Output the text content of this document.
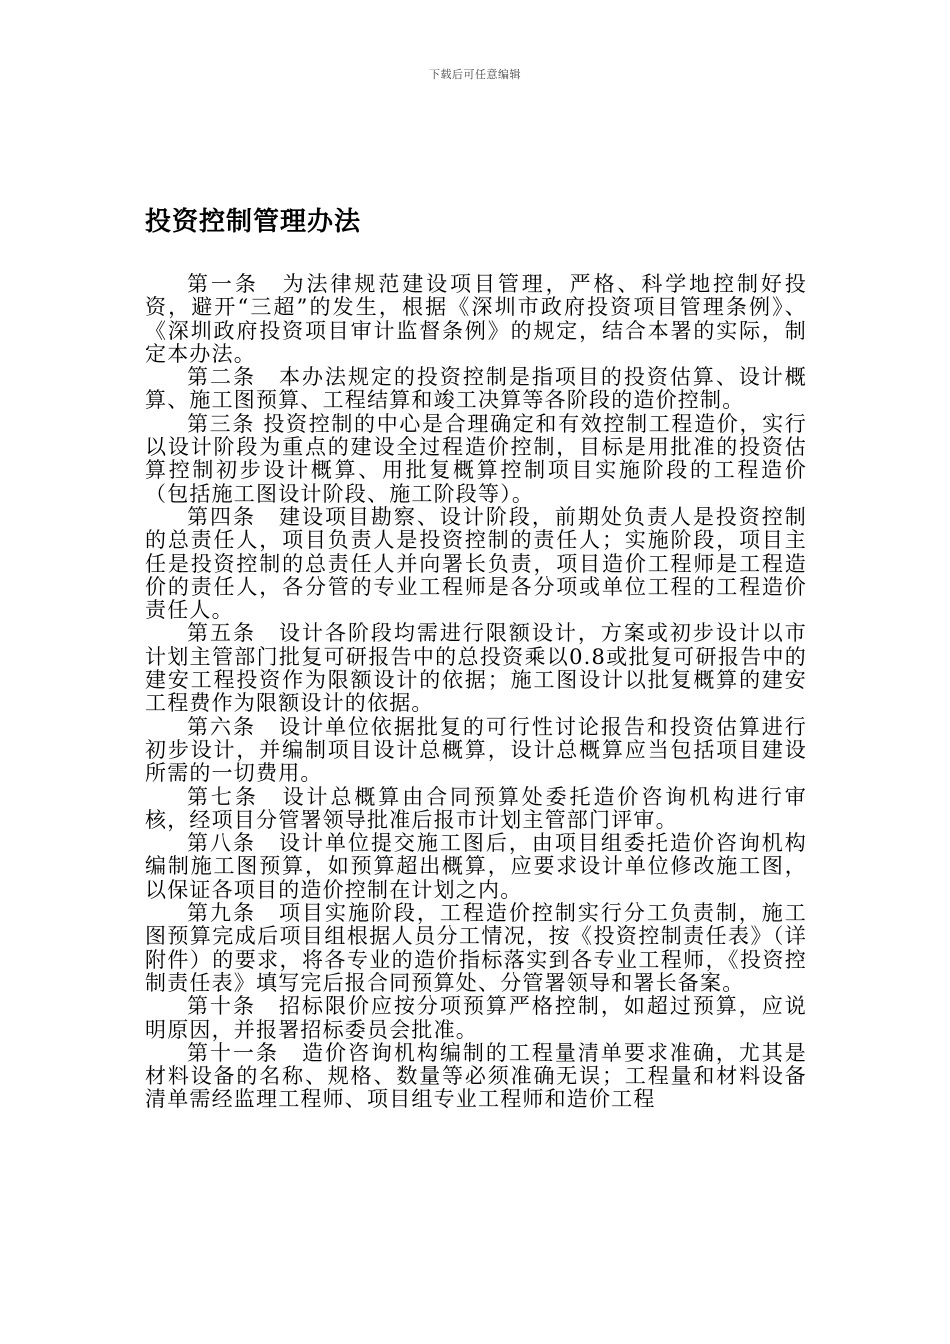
下载后可任意编辑
投资控制管理办法

第一条　为法律规范建设项目管理，严格、科学地控制好投资，避开“三超”的发生，根据《深圳市政府投资项目管理条例》、《深圳政府投资项目审计监督条例》的规定，结合本署的实际，制定本办法。

第二条　本办法规定的投资控制是指项目的投资估算、设计概算、施工图预算、工程结算和竣工决算等各阶段的造价控制。

第三条 投资控制的中心是合理确定和有效控制工程造价，实行以设计阶段为重点的建设全过程造价控制，目标是用批准的投资估算控制初步设计概算、用批复概算控制项目实施阶段的工程造价（包括施工图设计阶段、施工阶段等）。

第四条　建设项目勘察、设计阶段，前期处负责人是投资控制的总责任人，项目负责人是投资控制的责任人；实施阶段，项目主任是投资控制的总责任人并向署长负责，项目造价工程师是工程造价的责任人，各分管的专业工程师是各分项或单位工程的工程造价责任人。

第五条　设计各阶段均需进行限额设计，方案或初步设计以市计划主管部门批复可研报告中的总投资乘以0.8或批复可研报告中的建安工程投资作为限额设计的依据；施工图设计以批复概算的建安工程费作为限额设计的依据。

第六条　设计单位依据批复的可行性讨论报告和投资估算进行初步设计，并编制项目设计总概算，设计总概算应当包括项目建设所需的一切费用。

第七条　设计总概算由合同预算处委托造价咨询机构进行审核，经项目分管署领导批准后报市计划主管部门评审。

第八条　设计单位提交施工图后，由项目组委托造价咨询机构编制施工图预算，如预算超出概算，应要求设计单位修改施工图，以保证各项目的造价控制在计划之内。

第九条　项目实施阶段，工程造价控制实行分工负责制，施工图预算完成后项目组根据人员分工情况，按《投资控制责任表》（详附件）的要求，将各专业的造价指标落实到各专业工程师，《投资控制责任表》填写完后报合同预算处、分管署领导和署长备案。

第十条　招标限价应按分项预算严格控制，如超过预算，应说明原因，并报署招标委员会批准。

第十一条　造价咨询机构编制的工程量清单要求准确，尤其是材料设备的名称、规格、数量等必须准确无误；工程量和材料设备清单需经监理工程师、项目组专业工程师和造价工程
